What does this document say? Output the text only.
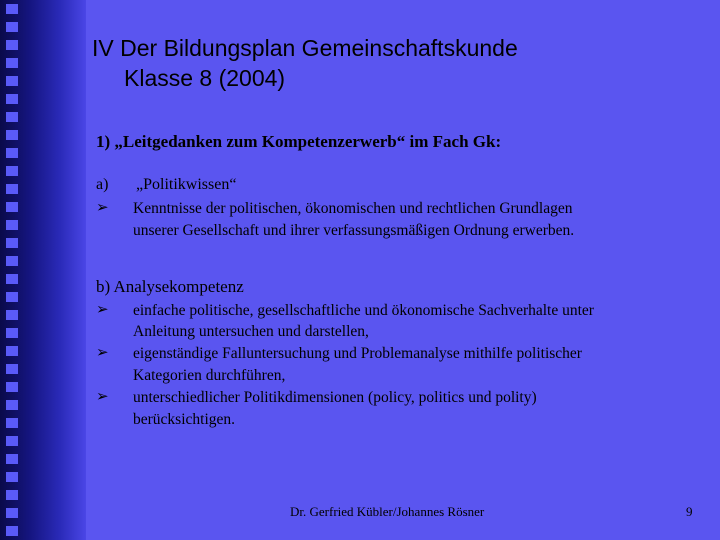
IV Der Bildungsplan Gemeinschaftskunde
Klasse 8 (2004)
1) „Leitgedanken zum Kompetenzerwerb“ im Fach Gk:
a) „Politikwissen“
➢ Kenntnisse der politischen, ökonomischen und rechtlichen Grundlagen
unserer Gesellschaft und ihrer verfassungsmäßigen Ordnung erwerben.
b) Analysekompetenz
➢ einfache politische, gesellschaftliche und ökonomische Sachverhalte unter
Anleitung untersuchen und darstellen,
➢ eigenständige Falluntersuchung und Problemanalyse mithilfe politischer
Kategorien durchführen,
➢ unterschiedlicher Politikdimensionen (policy, politics und polity)
berücksichtigen.
Dr. Gerfried Kübler/Johannes Rösner	9
